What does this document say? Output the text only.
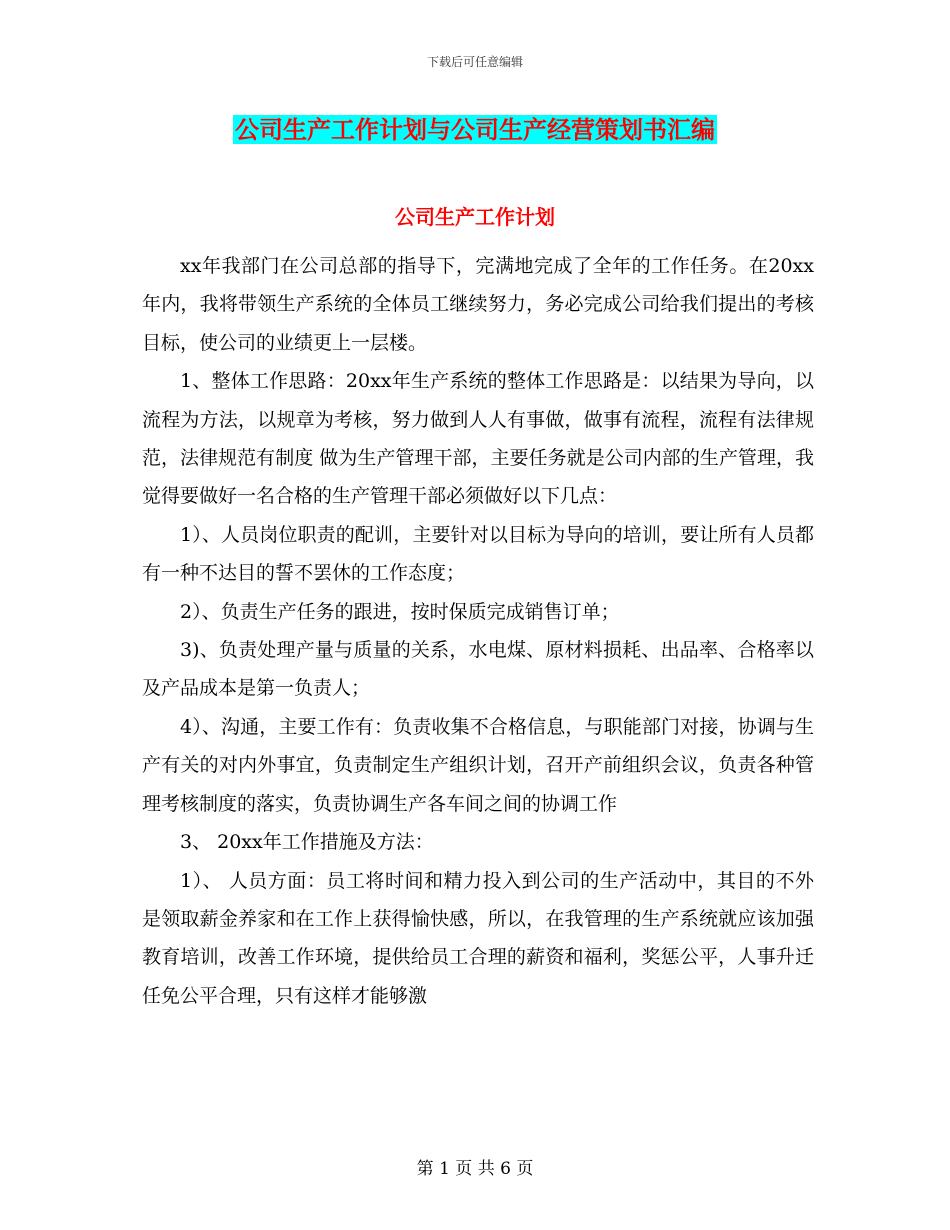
下载后可任意编辑
公司生产工作计划与公司生产经营策划书汇编
公司生产工作计划

xx年我部门在公司总部的指导下，完满地完成了全年的工作任务。在20xx年内，我将带领生产系统的全体员工继续努力，务必完成公司给我们提出的考核目标，使公司的业绩更上一层楼。

1、整体工作思路：20xx年生产系统的整体工作思路是：以结果为导向，以流程为方法，以规章为考核，努力做到人人有事做，做事有流程，流程有法律规范，法律规范有制度 做为生产管理干部，主要任务就是公司内部的生产管理，我觉得要做好一名合格的生产管理干部必须做好以下几点：

1）、人员岗位职责的配训，主要针对以目标为导向的培训，要让所有人员都有一种不达目的誓不罢休的工作态度；

2）、负责生产任务的跟进，按时保质完成销售订单；

3)、负责处理产量与质量的关系，水电煤、原材料损耗、出品率、合格率以及产品成本是第一负责人；

4）、沟通，主要工作有：负责收集不合格信息，与职能部门对接，协调与生产有关的对内外事宜，负责制定生产组织计划，召开产前组织会议，负责各种管理考核制度的落实，负责协调生产各车间之间的协调工作

3、 20xx年工作措施及方法：

1）、 人员方面：员工将时间和精力投入到公司的生产活动中，其目的不外是领取薪金养家和在工作上获得愉快感，所以，在我管理的生产系统就应该加强教育培训，改善工作环境，提供给员工合理的薪资和福利，奖惩公平，人事升迁任免公平合理，只有这样才能够激

第 1 页 共 6 页
